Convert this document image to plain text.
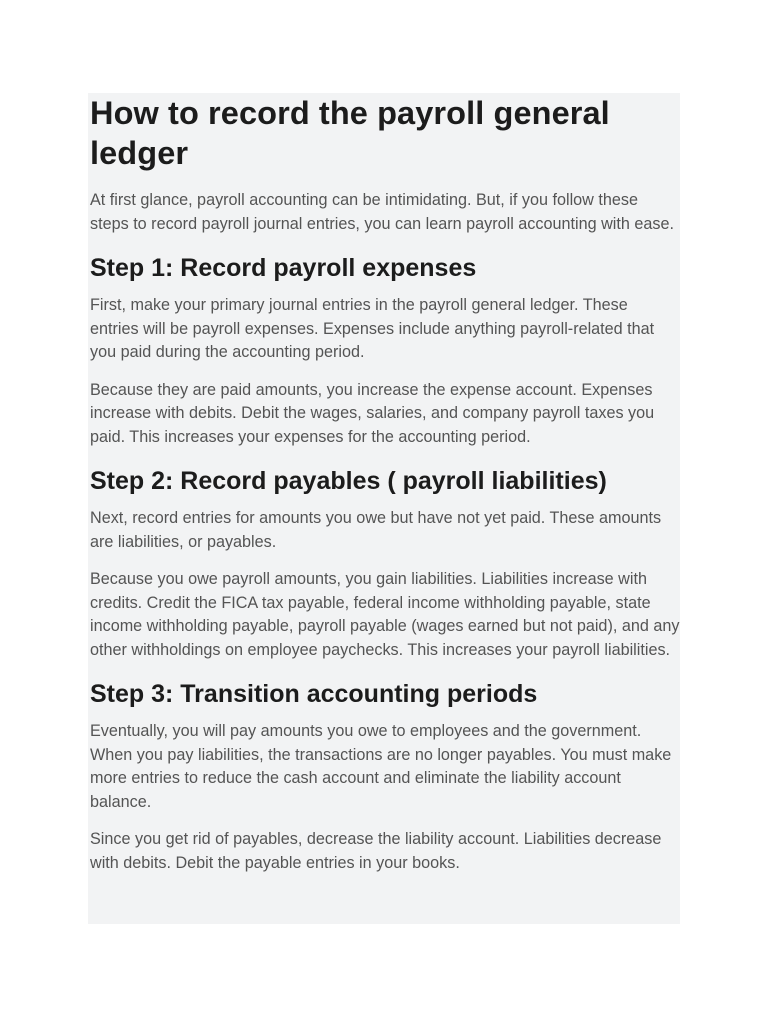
How to record the payroll general ledger

At first glance, payroll accounting can be intimidating. But, if you follow these steps to record payroll journal entries, you can learn payroll accounting with ease.

Step 1: Record payroll expenses

First, make your primary journal entries in the payroll general ledger. These entries will be payroll expenses. Expenses include anything payroll-related that you paid during the accounting period.

Because they are paid amounts, you increase the expense account. Expenses increase with debits. Debit the wages, salaries, and company payroll taxes you paid. This increases your expenses for the accounting period.

Step 2: Record payables ( payroll liabilities)

Next, record entries for amounts you owe but have not yet paid. These amounts are liabilities, or payables.

Because you owe payroll amounts, you gain liabilities. Liabilities increase with credits. Credit the FICA tax payable, federal income withholding payable, state income withholding payable, payroll payable (wages earned but not paid), and any other withholdings on employee paychecks. This increases your payroll liabilities.

Step 3: Transition accounting periods

Eventually, you will pay amounts you owe to employees and the government. When you pay liabilities, the transactions are no longer payables. You must make more entries to reduce the cash account and eliminate the liability account balance.

Since you get rid of payables, decrease the liability account. Liabilities decrease with debits. Debit the payable entries in your books.
